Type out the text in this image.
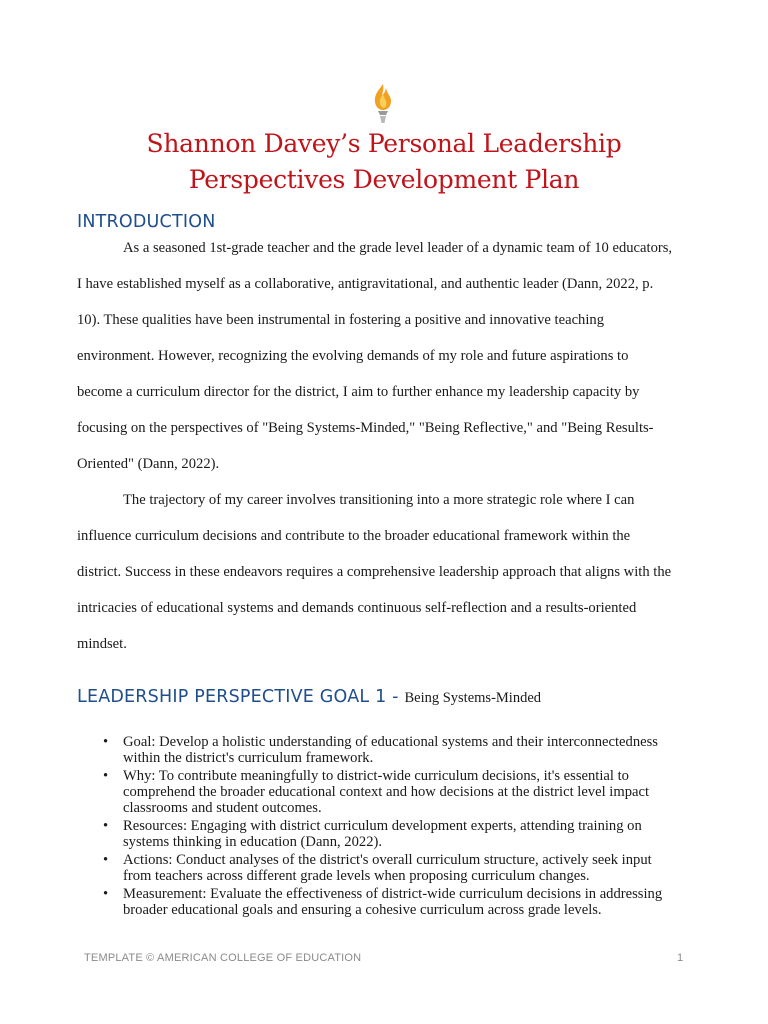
Shannon Davey’s Personal Leadership
Perspectives Development Plan
INTRODUCTION
As a seasoned 1st-grade teacher and the grade level leader of a dynamic team of 10 educators,
I have established myself as a collaborative, antigravitational, and authentic leader (Dann, 2022, p.
10). These qualities have been instrumental in fostering a positive and innovative teaching
environment. However, recognizing the evolving demands of my role and future aspirations to
become a curriculum director for the district, I aim to further enhance my leadership capacity by
focusing on the perspectives of "Being Systems-Minded," "Being Reflective," and "Being Results-
Oriented" (Dann, 2022).
The trajectory of my career involves transitioning into a more strategic role where I can
influence curriculum decisions and contribute to the broader educational framework within the
district. Success in these endeavors requires a comprehensive leadership approach that aligns with the
intricacies of educational systems and demands continuous self-reflection and a results-oriented
mindset.
LEADERSHIP PERSPECTIVE GOAL 1 - Being Systems-Minded
• Goal: Develop a holistic understanding of educational systems and their interconnectedness
within the district's curriculum framework.
• Why: To contribute meaningfully to district-wide curriculum decisions, it's essential to
comprehend the broader educational context and how decisions at the district level impact
classrooms and student outcomes.
• Resources: Engaging with district curriculum development experts, attending training on
systems thinking in education (Dann, 2022).
• Actions: Conduct analyses of the district's overall curriculum structure, actively seek input
from teachers across different grade levels when proposing curriculum changes.
• Measurement: Evaluate the effectiveness of district-wide curriculum decisions in addressing
broader educational goals and ensuring a cohesive curriculum across grade levels.
TEMPLATE © AMERICAN COLLEGE OF EDUCATION	1
